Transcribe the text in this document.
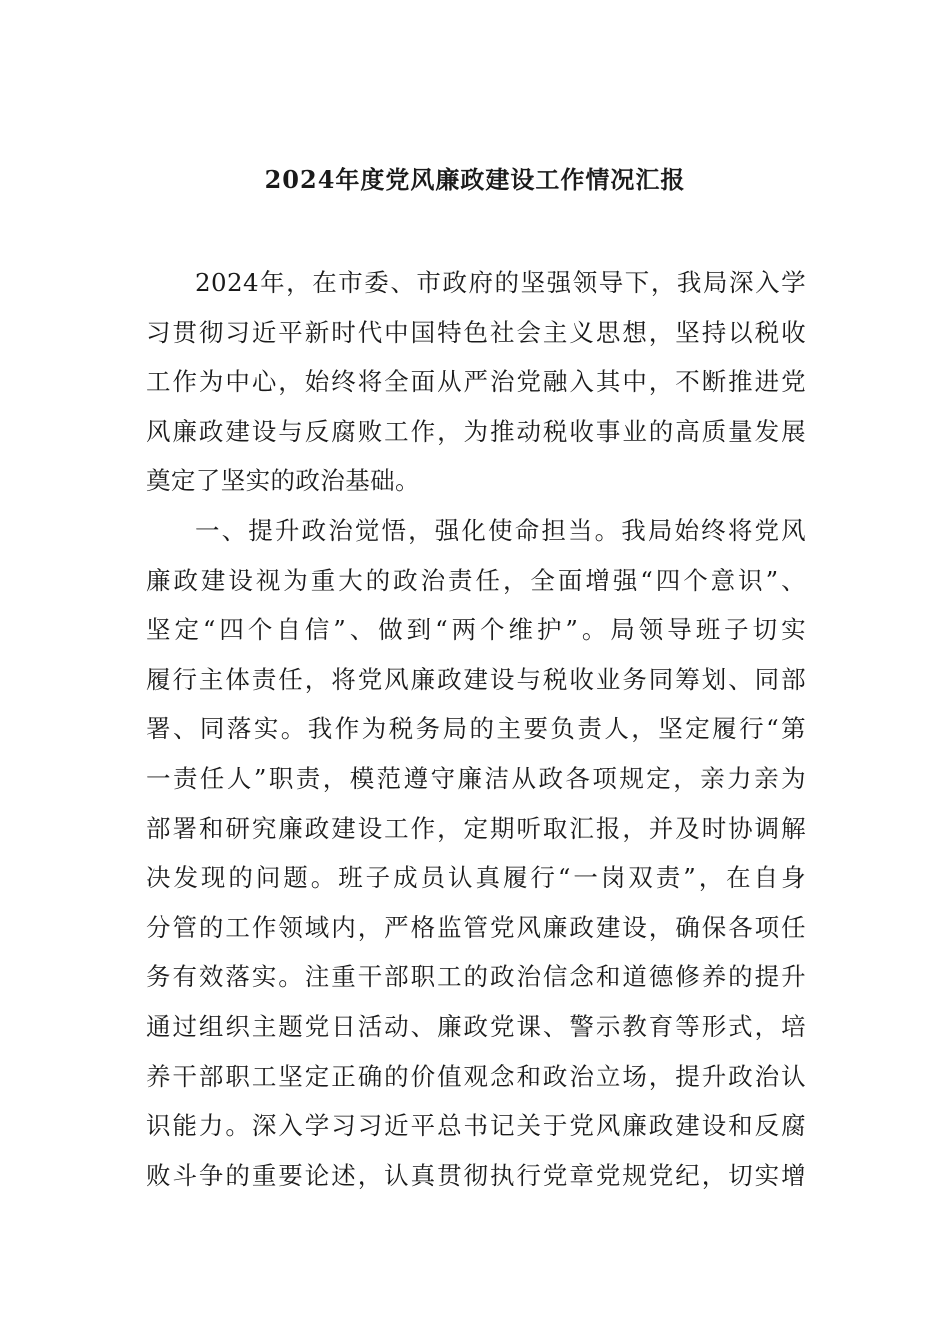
2024年度党风廉政建设工作情况汇报
2024年，在市委、市政府的坚强领导下，我局深入学
习贯彻习近平新时代中国特色社会主义思想，坚持以税收
工作为中心，始终将全面从严治党融入其中，不断推进党
风廉政建设与反腐败工作，为推动税收事业的高质量发展
奠定了坚实的政治基础。
一、提升政治觉悟，强化使命担当。我局始终将党风
廉政建设视为重大的政治责任，全面增强“四个意识”、
坚定“四个自信”、做到“两个维护”。局领导班子切实
履行主体责任，将党风廉政建设与税收业务同筹划、同部
署、同落实。我作为税务局的主要负责人，坚定履行“第
一责任人”职责，模范遵守廉洁从政各项规定，亲力亲为
部署和研究廉政建设工作，定期听取汇报，并及时协调解
决发现的问题。班子成员认真履行“一岗双责”，在自身
分管的工作领域内，严格监管党风廉政建设，确保各项任
务有效落实。注重干部职工的政治信念和道德修养的提升
通过组织主题党日活动、廉政党课、警示教育等形式，培
养干部职工坚定正确的价值观念和政治立场，提升政治认
识能力。深入学习习近平总书记关于党风廉政建设和反腐
败斗争的重要论述，认真贯彻执行党章党规党纪，切实增
